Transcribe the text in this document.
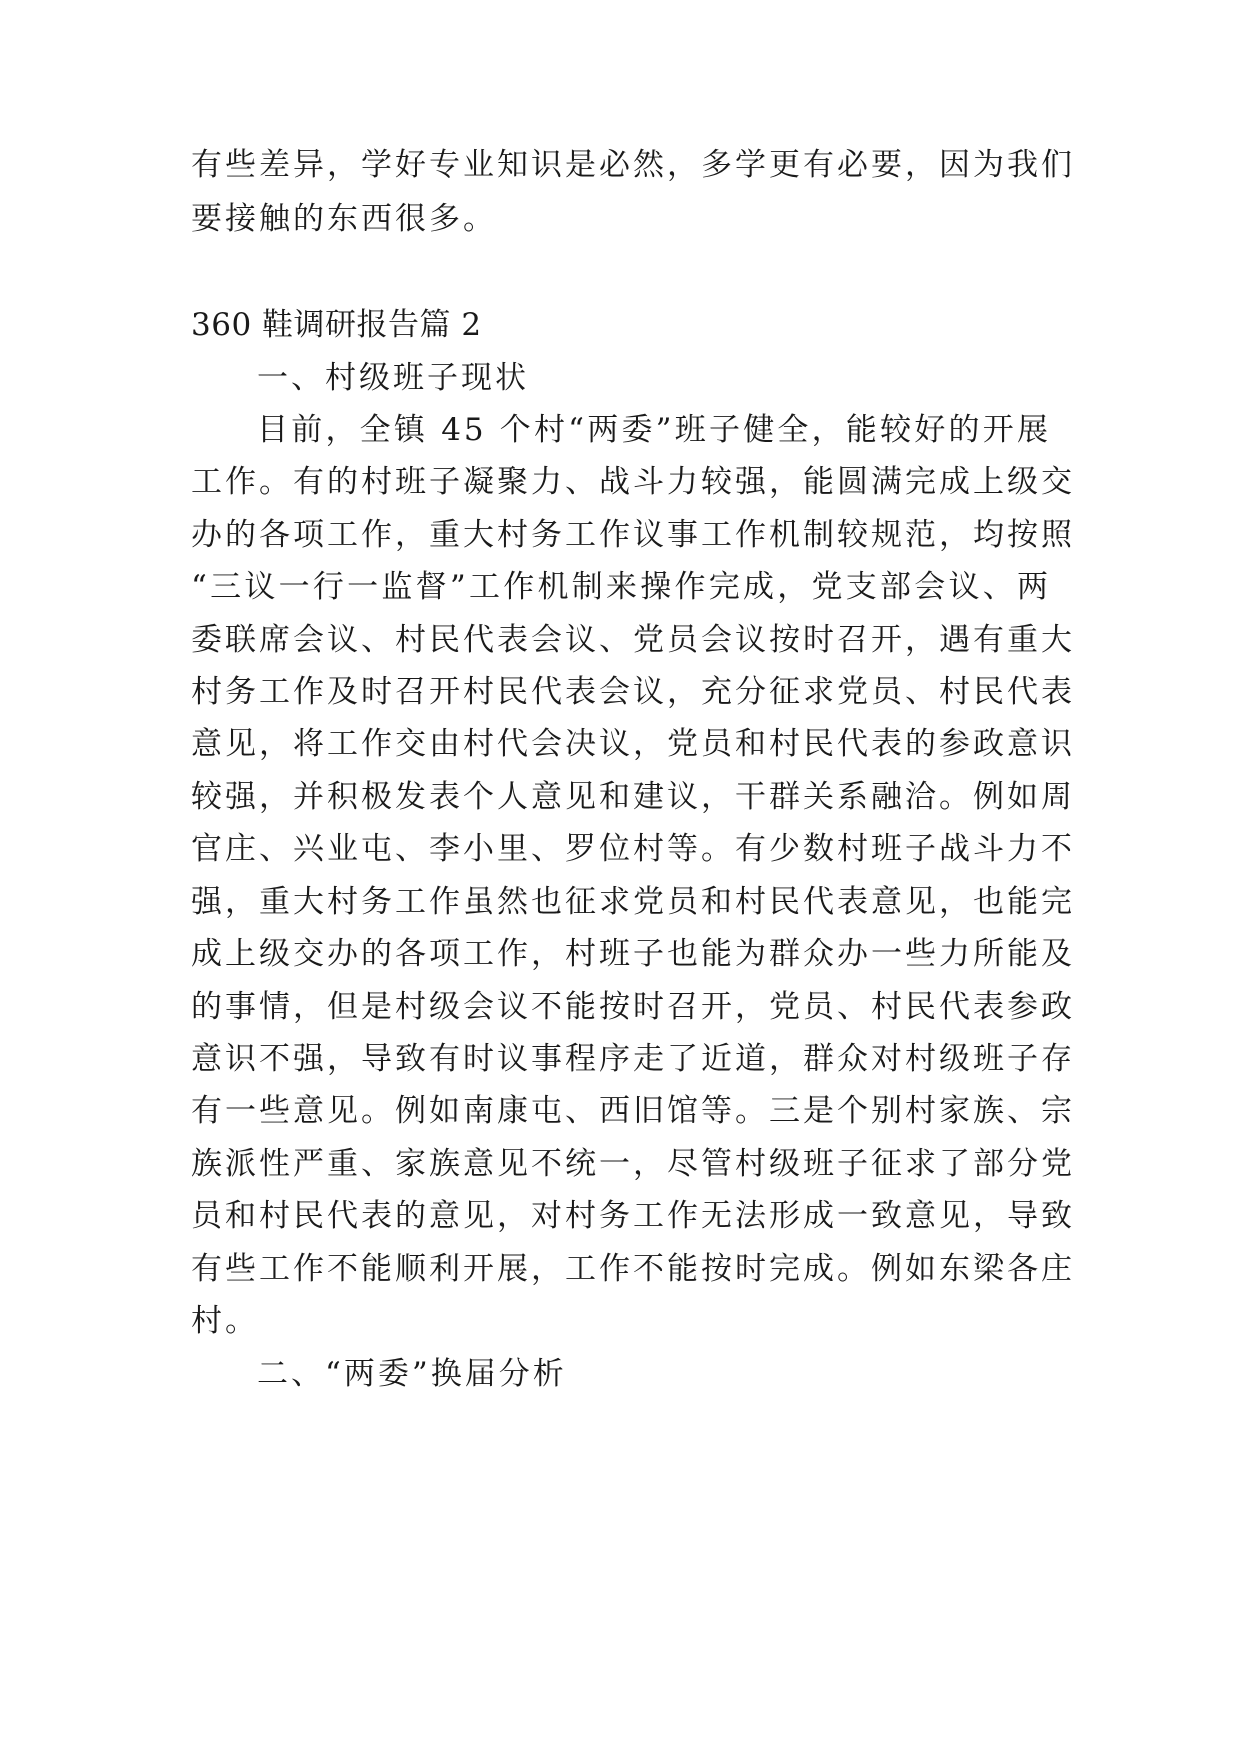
有些差异，学好专业知识是必然，多学更有必要，因为我们
要接触的东西很多。
360 鞋调研报告篇 2
一、村级班子现状
目前，全镇 45 个村“两委”班子健全，能较好的开展
工作。有的村班子凝聚力、战斗力较强，能圆满完成上级交
办的各项工作，重大村务工作议事工作机制较规范，均按照
“三议一行一监督”工作机制来操作完成，党支部会议、两
委联席会议、村民代表会议、党员会议按时召开，遇有重大
村务工作及时召开村民代表会议，充分征求党员、村民代表
意见，将工作交由村代会决议，党员和村民代表的参政意识
较强，并积极发表个人意见和建议，干群关系融洽。例如周
官庄、兴业屯、李小里、罗位村等。有少数村班子战斗力不
强，重大村务工作虽然也征求党员和村民代表意见，也能完
成上级交办的各项工作，村班子也能为群众办一些力所能及
的事情，但是村级会议不能按时召开，党员、村民代表参政
意识不强，导致有时议事程序走了近道，群众对村级班子存
有一些意见。例如南康屯、西旧馆等。三是个别村家族、宗
族派性严重、家族意见不统一，尽管村级班子征求了部分党
员和村民代表的意见，对村务工作无法形成一致意见，导致
有些工作不能顺利开展，工作不能按时完成。例如东梁各庄
村。
二、“两委”换届分析
